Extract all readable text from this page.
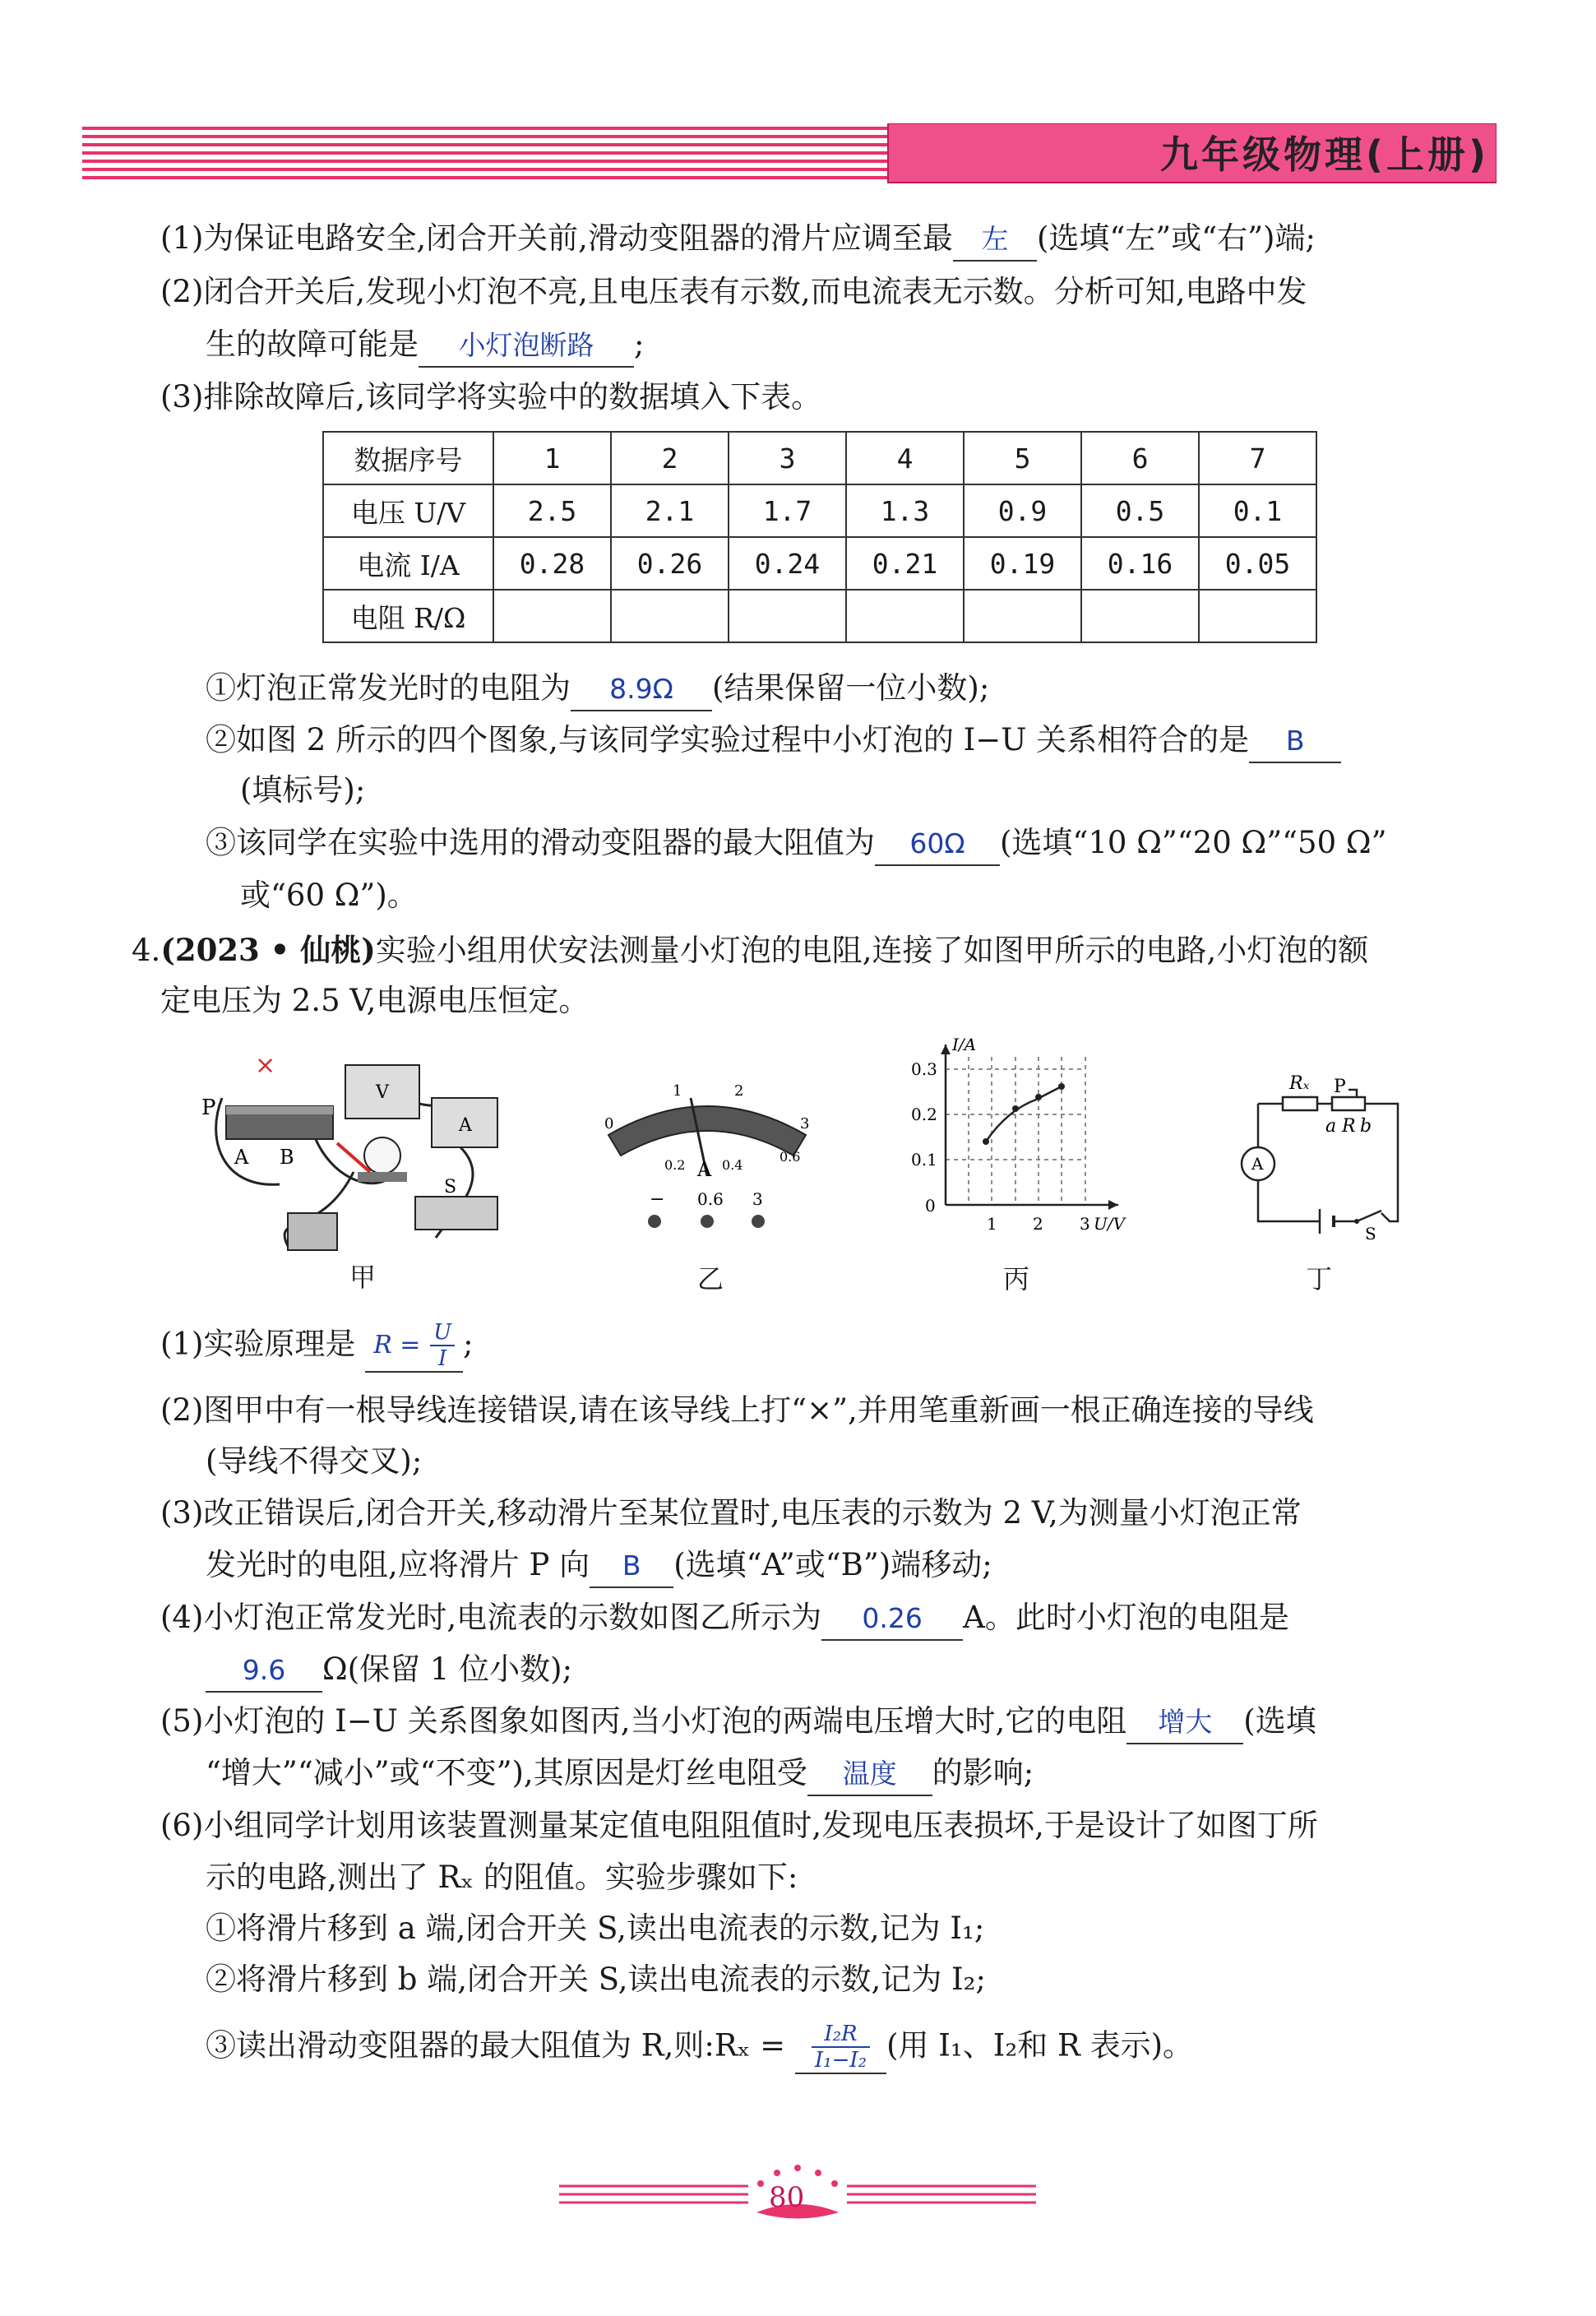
九年级物理(上册)
(1)为保证电路安全,闭合开关前,滑动变阻器的滑片应调至最 左 (选填“左”或“右”)端;
(2)闭合开关后,发现小灯泡不亮,且电压表有示数,而电流表无示数。分析可知,电路中发
生的故障可能是 小灯泡断路 ;
(3)排除故障后,该同学将实验中的数据填入下表。
数据序号	1	2	3	4	5	6	7
电压 U/V	2.5	2.1	1.7	1.3	0.9	0.5	0.1
电流 I/A	0.28	0.26	0.24	0.21	0.19	0.16	0.05
电阻 R/Ω							
①灯泡正常发光时的电阻为 8.9Ω (结果保留一位小数);
②如图 2 所示的四个图象,与该同学实验过程中小灯泡的 I−U 关系相符合的是 B
(填标号);
③该同学在实验中选用的滑动变阻器的最大阻值为 60Ω (选填“10 Ω”“20 Ω”“50 Ω”
或“60 Ω”)。
4.(2023 • 仙桃)实验小组用伏安法测量小灯泡的电阻,连接了如图甲所示的电路,小灯泡的额
定电压为 2.5 V,电源电压恒定。
×
P
A B
V
A
S
甲
0
1	2
3
0.2	0.4
0.6
A
− 0.6 3
乙
I/A
U/V
0.3
0.2
0.1
0
1 2 3
丙
Rₓ P
a R b
A
S
丁
(1)实验原理是 $R = \frac{U}{I}$ ;
(2)图甲中有一根导线连接错误,请在该导线上打“×”,并用笔重新画一根正确连接的导线
(导线不得交叉);
(3)改正错误后,闭合开关,移动滑片至某位置时,电压表的示数为 2 V,为测量小灯泡正常
发光时的电阻,应将滑片 P 向 B (选填“A”或“B”)端移动;
(4)小灯泡正常发光时,电流表的示数如图乙所示为 0.26 A。此时小灯泡的电阻是
9.6 Ω(保留 1 位小数);
(5)小灯泡的 I−U 关系图象如图丙,当小灯泡的两端电压增大时,它的电阻 增大 (选填
“增大”“减小”或“不变”),其原因是灯丝电阻受 温度 的影响;
(6)小组同学计划用该装置测量某定值电阻阻值时,发现电压表损坏,于是设计了如图丁所
示的电路,测出了 Rₓ 的阻值。实验步骤如下:
①将滑片移到 a 端,闭合开关 S,读出电流表的示数,记为 I₁;
②将滑片移到 b 端,闭合开关 S,读出电流表的示数,记为 I₂;
③读出滑动变阻器的最大阻值为 R,则:Rₓ = $\frac{\text{I₂R}}{\text{I₁−I₂}}$ (用 I₁、I₂和 R 表示)。
80
